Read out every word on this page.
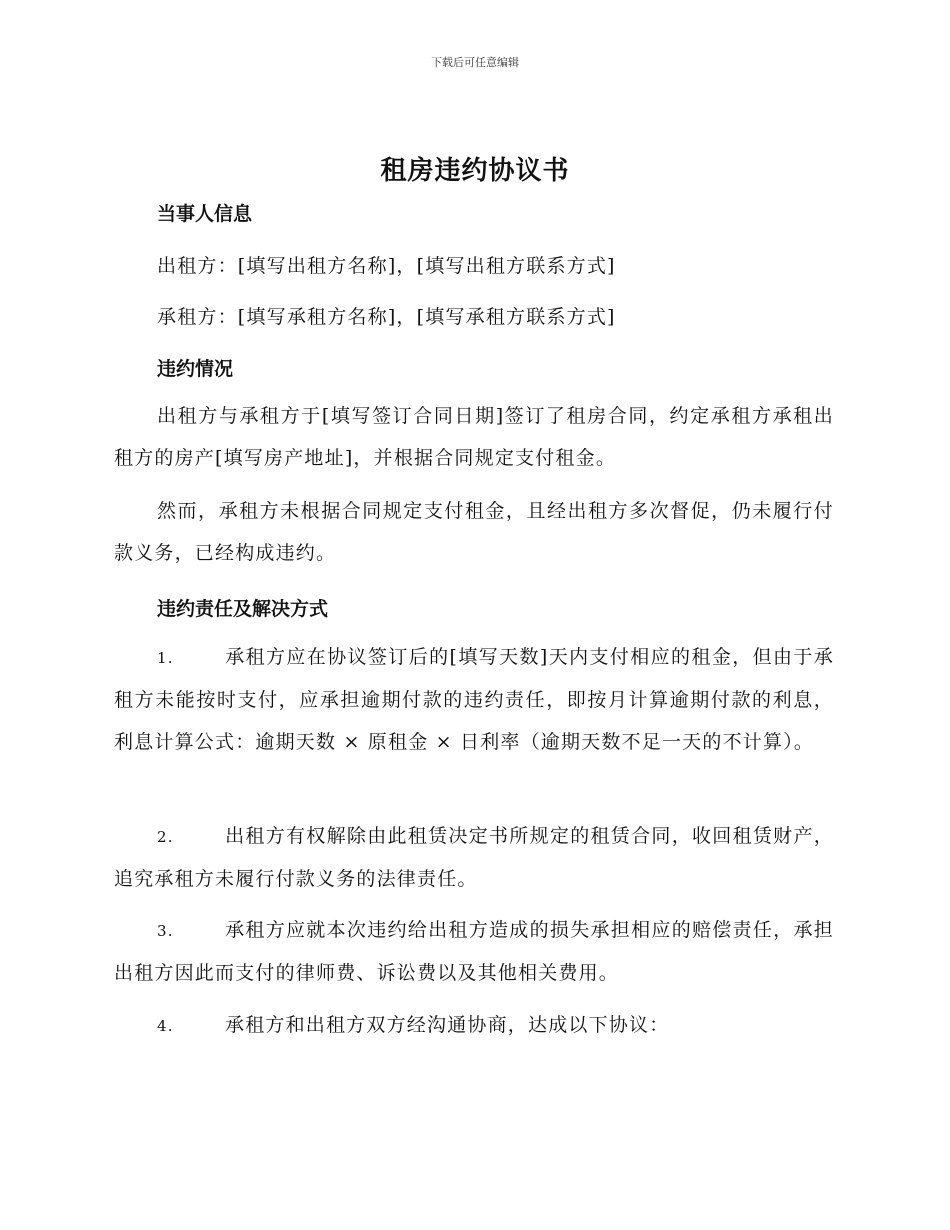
下载后可任意编辑
租房违约协议书
当事人信息
出租方：[填写出租方名称]，[填写出租方联系方式]
承租方：[填写承租方名称]，[填写承租方联系方式]
违约情况
出租方与承租方于[填写签订合同日期]签订了租房合同，约定承租方承租出租方的房产[填写房产地址]，并根据合同规定支付租金。
然而，承租方未根据合同规定支付租金，且经出租方多次督促，仍未履行付款义务，已经构成违约。
违约责任及解决方式
1.	承租方应在协议签订后的[填写天数]天内支付相应的租金，但由于承租方未能按时支付，应承担逾期付款的违约责任，即按月计算逾期付款的利息，利息计算公式：逾期天数 × 原租金 × 日利率（逾期天数不足一天的不计算）。
2.	出租方有权解除由此租赁决定书所规定的租赁合同，收回租赁财产，追究承租方未履行付款义务的法律责任。
3.	承租方应就本次违约给出租方造成的损失承担相应的赔偿责任，承担出租方因此而支付的律师费、诉讼费以及其他相关费用。
4.	承租方和出租方双方经沟通协商，达成以下协议：
